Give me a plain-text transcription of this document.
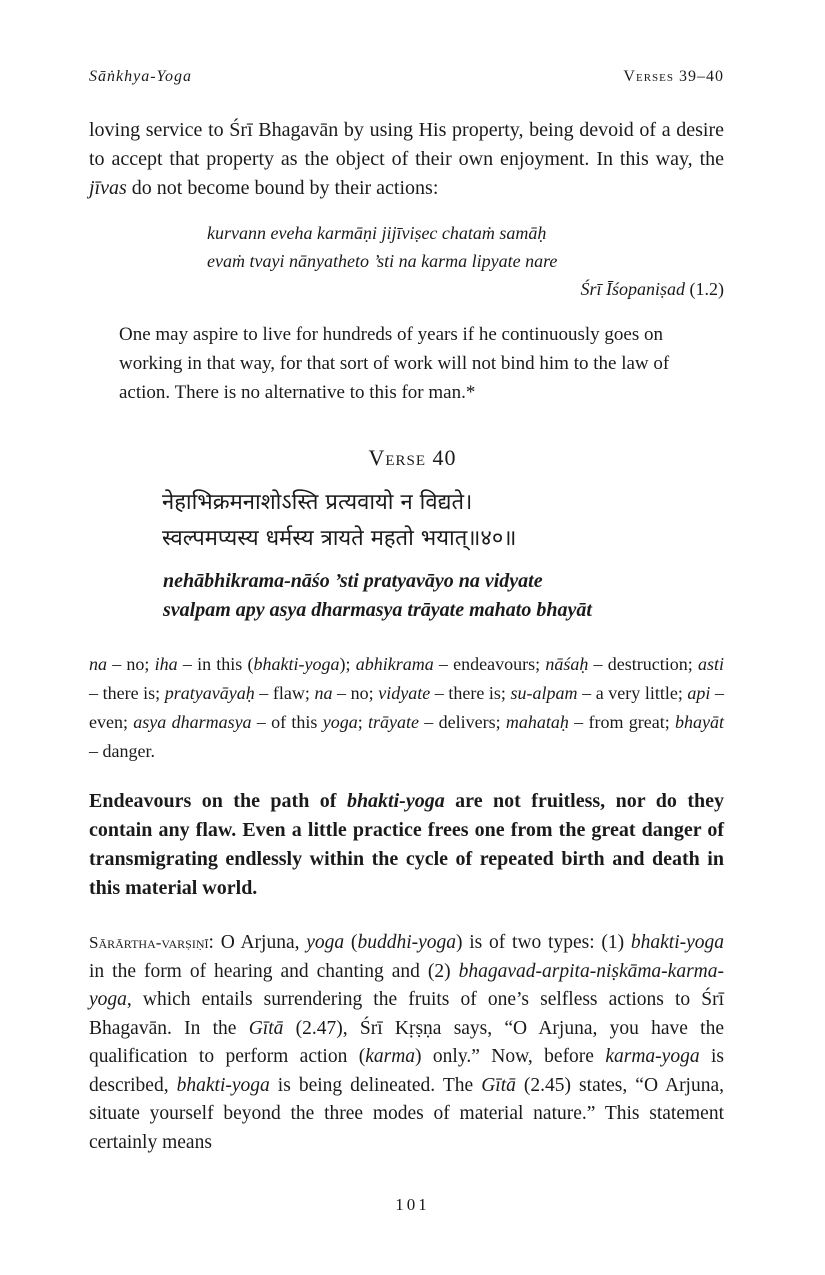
Sāṅkhya-Yoga	Verses 39–40
loving service to Śrī Bhagavān by using His property, being devoid of a desire to accept that property as the object of their own enjoyment. In this way, the jīvas do not become bound by their actions:
kurvann eveha karmāṇi jijīviṣec chataṁ samāḥ
evaṁ tvayi nānyatheto ’sti na karma lipyate nare
Śrī Īśopaniṣad (1.2)
One may aspire to live for hundreds of years if he continuously goes on working in that way, for that sort of work will not bind him to the law of action. There is no alternative to this for man.*
Verse 40
नेहाभिक्रमनाशोऽस्ति प्रत्यवायो न विद्यते।
स्वल्पमप्यस्य धर्मस्य त्रायते महतो भयात्॥४०॥
nehābhikrama-nāśo ’sti pratyavāyo na vidyate
svalpam apy asya dharmasya trāyate mahato bhayāt
na – no; iha – in this (bhakti-yoga); abhikrama – endeavours; nāśaḥ – destruction; asti – there is; pratyavāyaḥ – flaw; na – no; vidyate – there is; su-alpam – a very little; api – even; asya dharmasya – of this yoga; trāyate – delivers; mahataḥ – from great; bhayāt – danger.
Endeavours on the path of bhakti-yoga are not fruitless, nor do they contain any flaw. Even a little practice frees one from the great danger of transmigrating endlessly within the cycle of repeated birth and death in this material world.
Sārārtha-varṣiṇī: O Arjuna, yoga (buddhi-yoga) is of two types: (1) bhakti-yoga in the form of hearing and chanting and (2) bhagavad-arpita-niṣkāma-karma-yoga, which entails surrendering the fruits of one’s selfless actions to Śrī Bhagavān. In the Gītā (2.47), Śrī Kṛṣṇa says, “O Arjuna, you have the qualification to perform action (karma) only.” Now, before karma-yoga is described, bhakti-yoga is being delineated. The Gītā (2.45) states, “O Arjuna, situate yourself beyond the three modes of material nature.” This statement certainly means
101
